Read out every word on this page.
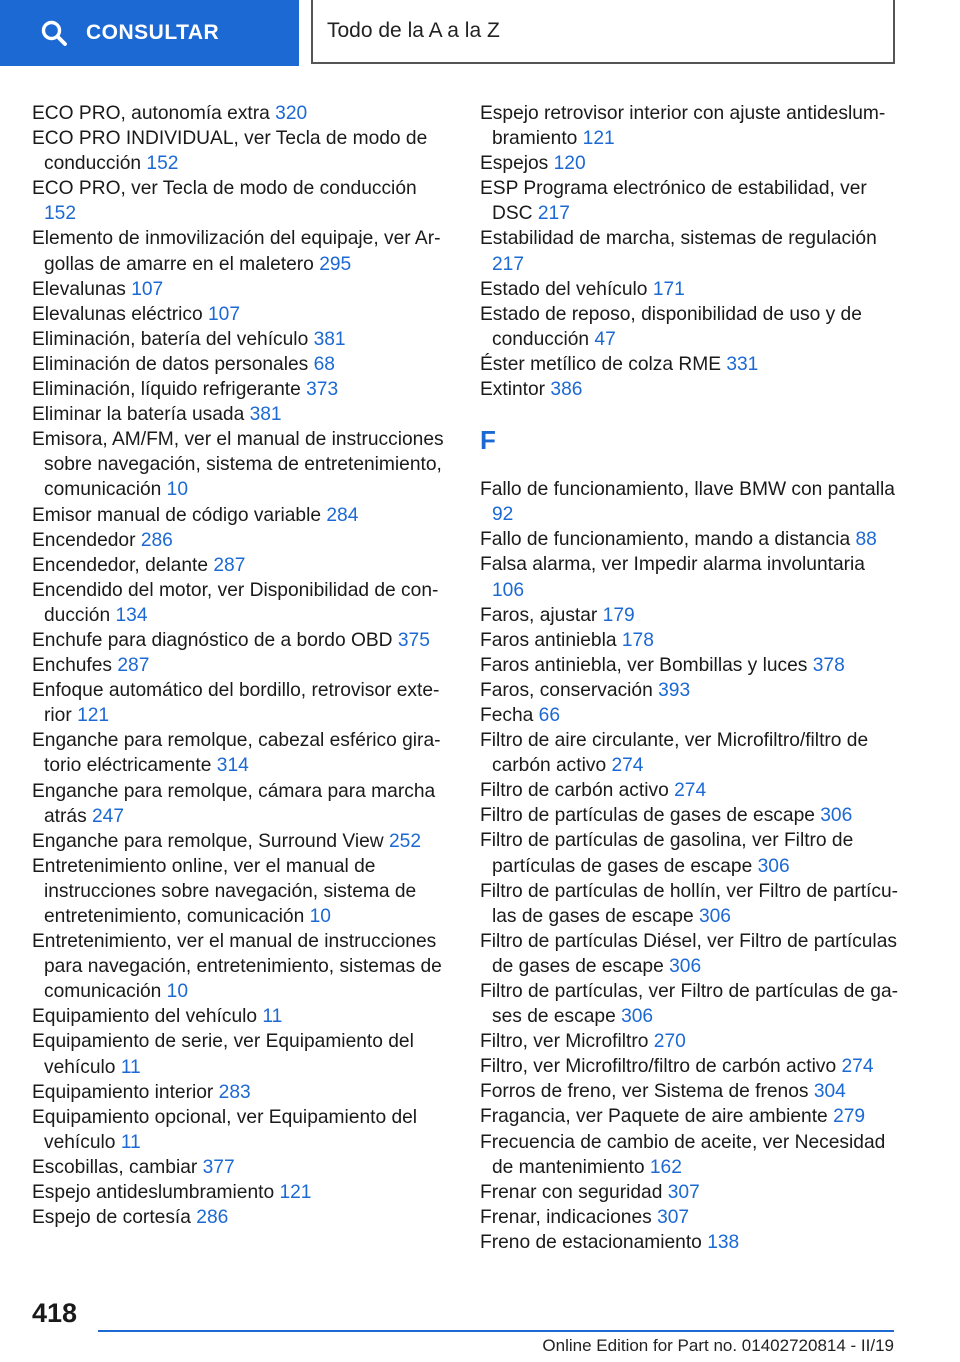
CONSULTAR	Todo de la A a la Z

ECO PRO, autonomía extra 320

ECO PRO INDIVIDUAL, ver Tecla de modo de conducción 152

ECO PRO, ver Tecla de modo de conducción 152

Elemento de inmovilización del equipaje, ver Argollas de amarre en el maletero 295

Elevalunas 107

Elevalunas eléctrico 107

Eliminación, batería del vehículo 381

Eliminación de datos personales 68

Eliminación, líquido refrigerante 373

Eliminar la batería usada 381

Emisora, AM/FM, ver el manual de instrucciones sobre navegación, sistema de entretenimiento, comunicación 10

Emisor manual de código variable 284

Encendedor 286

Encendedor, delante 287

Encendido del motor, ver Disponibilidad de conducción 134

Enchufe para diagnóstico de a bordo OBD 375

Enchufes 287

Enfoque automático del bordillo, retrovisor exterior 121

Enganche para remolque, cabezal esférico giratorio eléctricamente 314

Enganche para remolque, cámara para marcha atrás 247

Enganche para remolque, Surround View 252

Entretenimiento online, ver el manual de instrucciones sobre navegación, sistema de entretenimiento, comunicación 10

Entretenimiento, ver el manual de instrucciones para navegación, entretenimiento, sistemas de comunicación 10

Equipamiento del vehículo 11

Equipamiento de serie, ver Equipamiento del vehículo 11

Equipamiento interior 283

Equipamiento opcional, ver Equipamiento del vehículo 11

Escobillas, cambiar 377

Espejo antideslumbramiento 121

Espejo de cortesía 286

Espejo retrovisor interior con ajuste antideslumbramiento 121

Espejos 120

ESP Programa electrónico de estabilidad, ver DSC 217

Estabilidad de marcha, sistemas de regulación 217

Estado del vehículo 171

Estado de reposo, disponibilidad de uso y de conducción 47

Éster metílico de colza RME 331

Extintor 386

F

Fallo de funcionamiento, llave BMW con pantalla 92

Fallo de funcionamiento, mando a distancia 88

Falsa alarma, ver Impedir alarma involuntaria 106

Faros, ajustar 179

Faros antiniebla 178

Faros antiniebla, ver Bombillas y luces 378

Faros, conservación 393

Fecha 66

Filtro de aire circulante, ver Microfiltro/filtro de carbón activo 274

Filtro de carbón activo 274

Filtro de partículas de gases de escape 306

Filtro de partículas de gasolina, ver Filtro de partículas de gases de escape 306

Filtro de partículas de hollín, ver Filtro de partículas de gases de escape 306

Filtro de partículas Diésel, ver Filtro de partículas de gases de escape 306

Filtro de partículas, ver Filtro de partículas de gases de escape 306

Filtro, ver Microfiltro 270

Filtro, ver Microfiltro/filtro de carbón activo 274

Forros de freno, ver Sistema de frenos 304

Fragancia, ver Paquete de aire ambiente 279

Frecuencia de cambio de aceite, ver Necesidad de mantenimiento 162

Frenar con seguridad 307

Frenar, indicaciones 307

Freno de estacionamiento 138

418
Online Edition for Part no. 01402720814 - II/19
